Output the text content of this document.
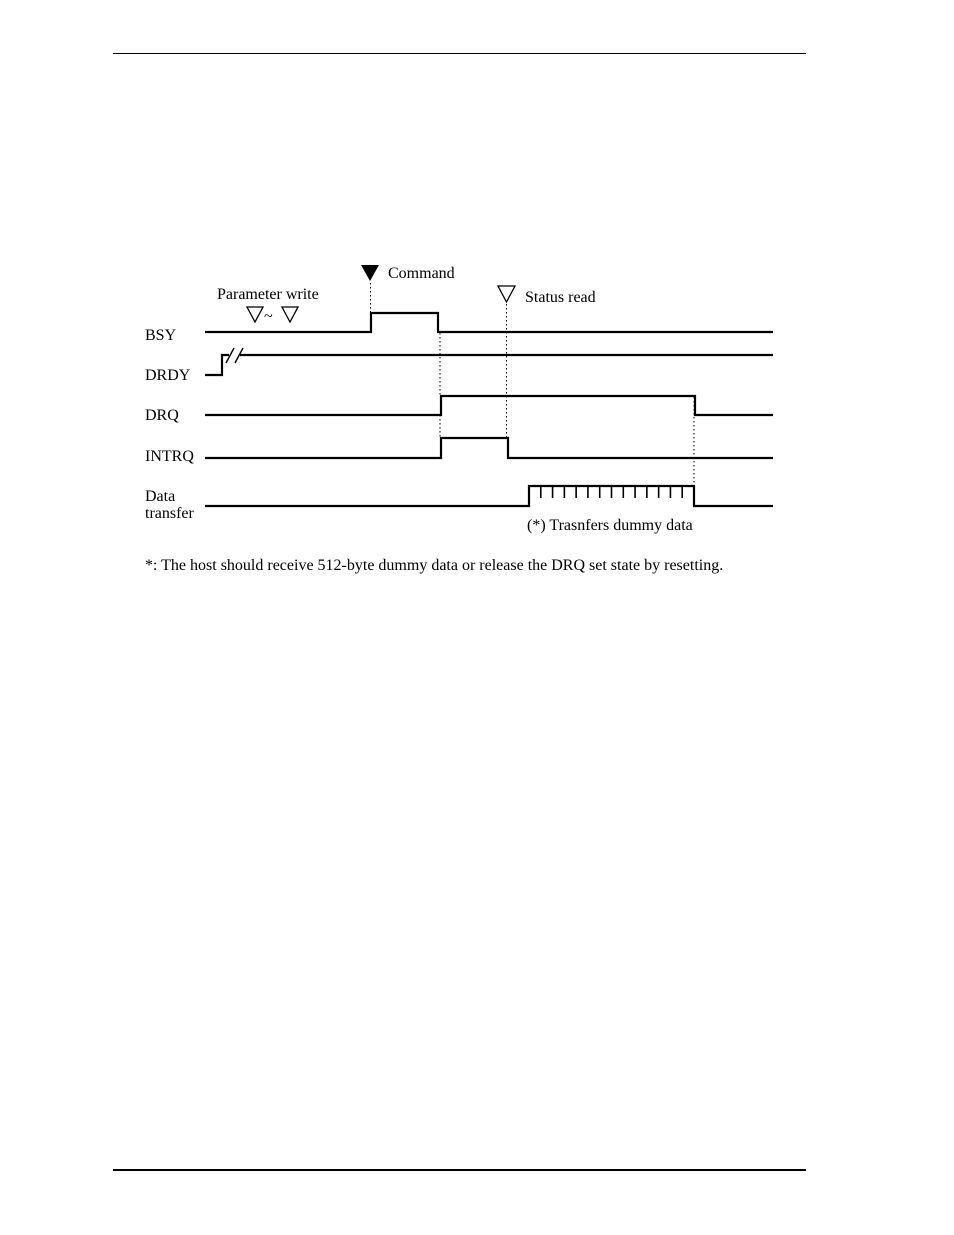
Command
Parameter write
~
Status read
BSY
DRDY
DRQ
INTRQ
Data
transfer
(*) Trasnfers dummy data
*: The host should receive 512-byte dummy data or release the DRQ set state by resetting.
